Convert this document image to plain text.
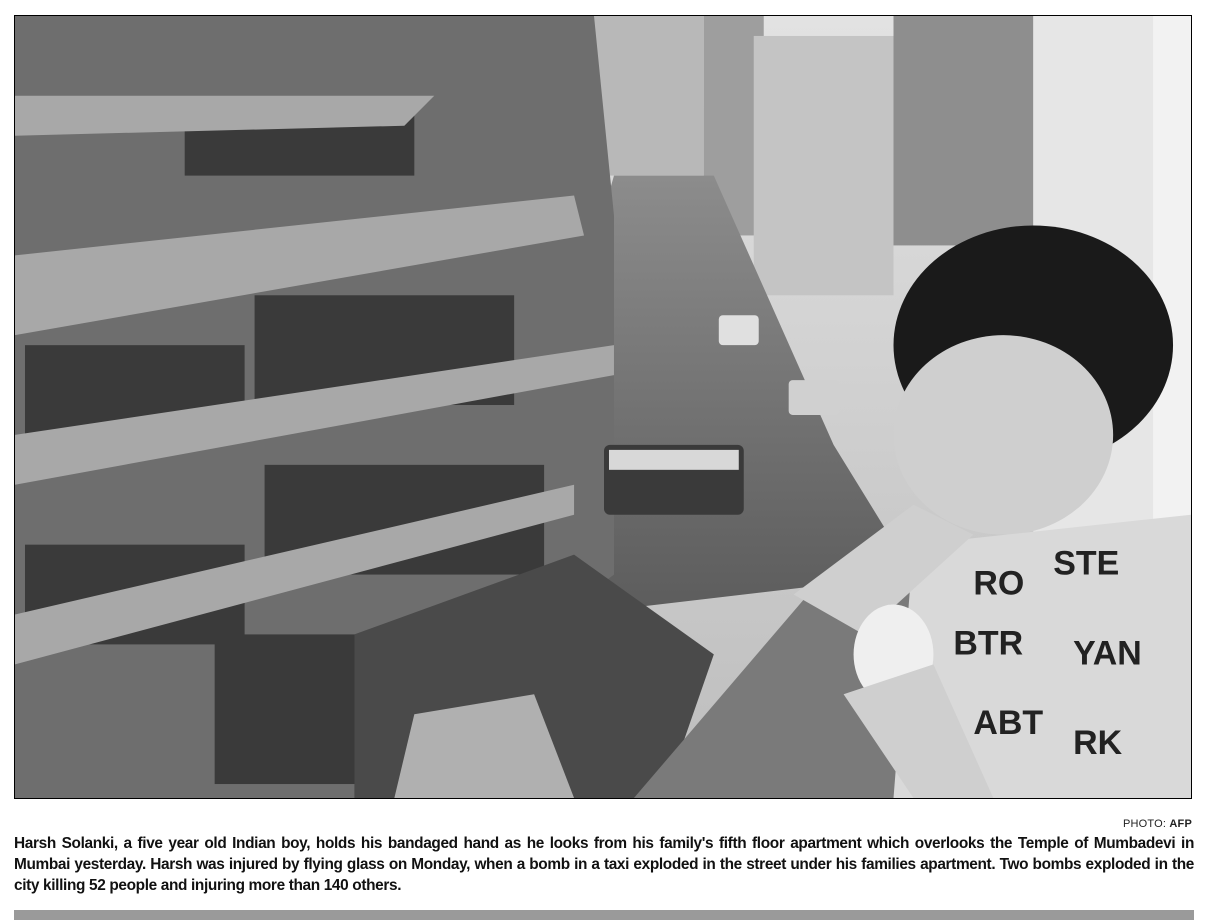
RO
STE
BTR YAN
ABT
RK
PHOTO: AFP
Harsh Solanki, a five year old Indian boy, holds his bandaged hand as he looks from his family's fifth floor apartment which overlooks the Temple of Mumbadevi in Mumbai yesterday. Harsh was injured by flying glass on Monday, when a bomb in a taxi exploded in the street under his families apartment. Two bombs exploded in the city killing 52 people and injuring more than 140 others.
